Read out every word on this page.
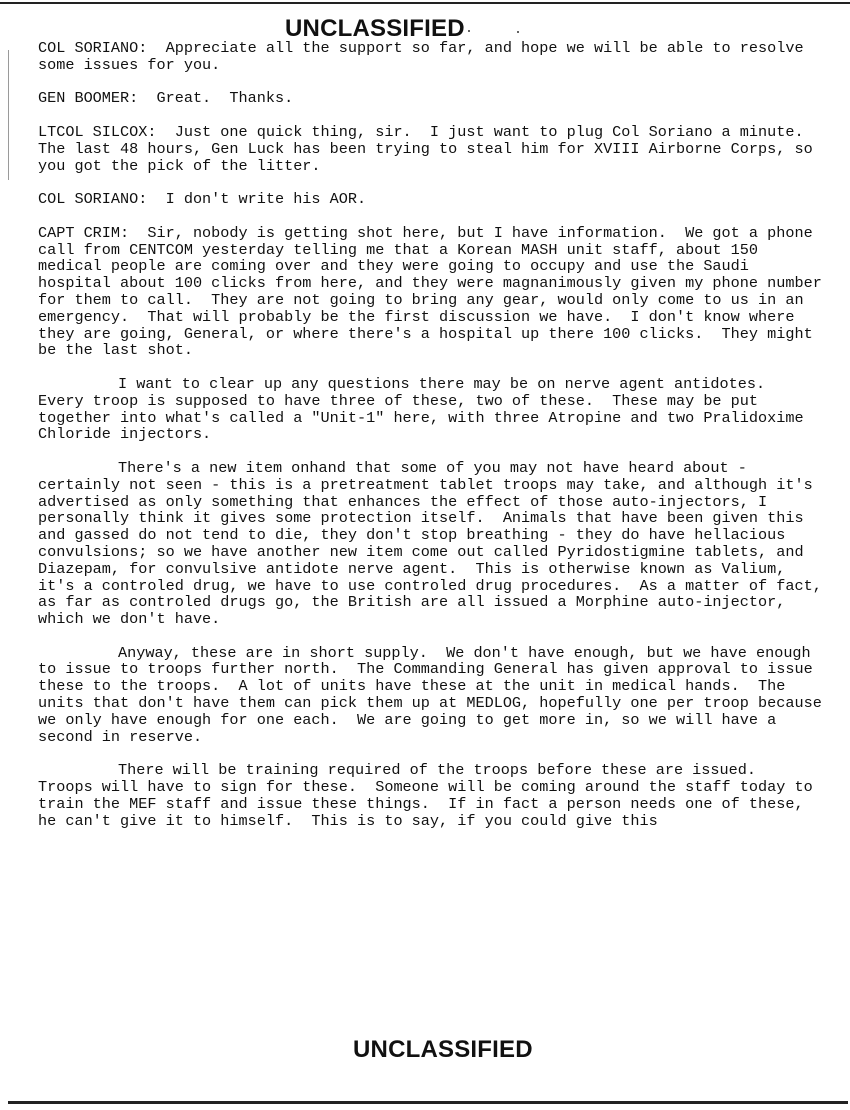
UNCLASSIFIED

COL SORIANO:  Appreciate all the support so far, and hope we will be able to resolve some issues for you.

GEN BOOMER:  Great.  Thanks.

LTCOL SILCOX:  Just one quick thing, sir.  I just want to plug Col Soriano a minute.  The last 48 hours, Gen Luck has been trying to steal him for XVIII Airborne Corps, so you got the pick of the litter.

COL SORIANO:  I don't write his AOR.

CAPT CRIM:  Sir, nobody is getting shot here, but I have information.  We got a phone call from CENTCOM yesterday telling me that a Korean MASH unit staff, about 150 medical people are coming over and they were going to occupy and use the Saudi hospital about 100 clicks from here, and they were magnanimously given my phone number for them to call.  They are not going to bring any gear, would only come to us in an emergency.  That will probably be the first discussion we have.  I don't know where they are going, General, or where there's a hospital up there 100 clicks.  They might be the last shot.

I want to clear up any questions there may be on nerve agent antidotes.  Every troop is supposed to have three of these, two of these.  These may be put together into what's called a "Unit-1" here, with three Atropine and two Pralidoxime Chloride injectors.

There's a new item onhand that some of you may not have heard about - certainly not seen - this is a pretreatment tablet troops may take, and although it's advertised as only something that enhances the effect of those auto-injectors, I personally think it gives some protection itself.  Animals that have been given this and gassed do not tend to die, they don't stop breathing - they do have hellacious convulsions; so we have another new item come out called Pyridostigmine tablets, and Diazepam, for convulsive antidote nerve agent.  This is otherwise known as Valium, it's a controled drug, we have to use controled drug procedures.  As a matter of fact, as far as controled drugs go, the British are all issued a Morphine auto-injector, which we don't have.

Anyway, these are in short supply.  We don't have enough, but we have enough to issue to troops further north.  The Commanding General has given approval to issue these to the troops.  A lot of units have these at the unit in medical hands.  The units that don't have them can pick them up at MEDLOG, hopefully one per troop because we only have enough for one each.  We are going to get more in, so we will have a second in reserve.

There will be training required of the troops before these are issued.  Troops will have to sign for these.  Someone will be coming around the staff today to train the MEF staff and issue these things.  If in fact a person needs one of these, he can't give it to himself.  This is to say, if you could give this

UNCLASSIFIED
